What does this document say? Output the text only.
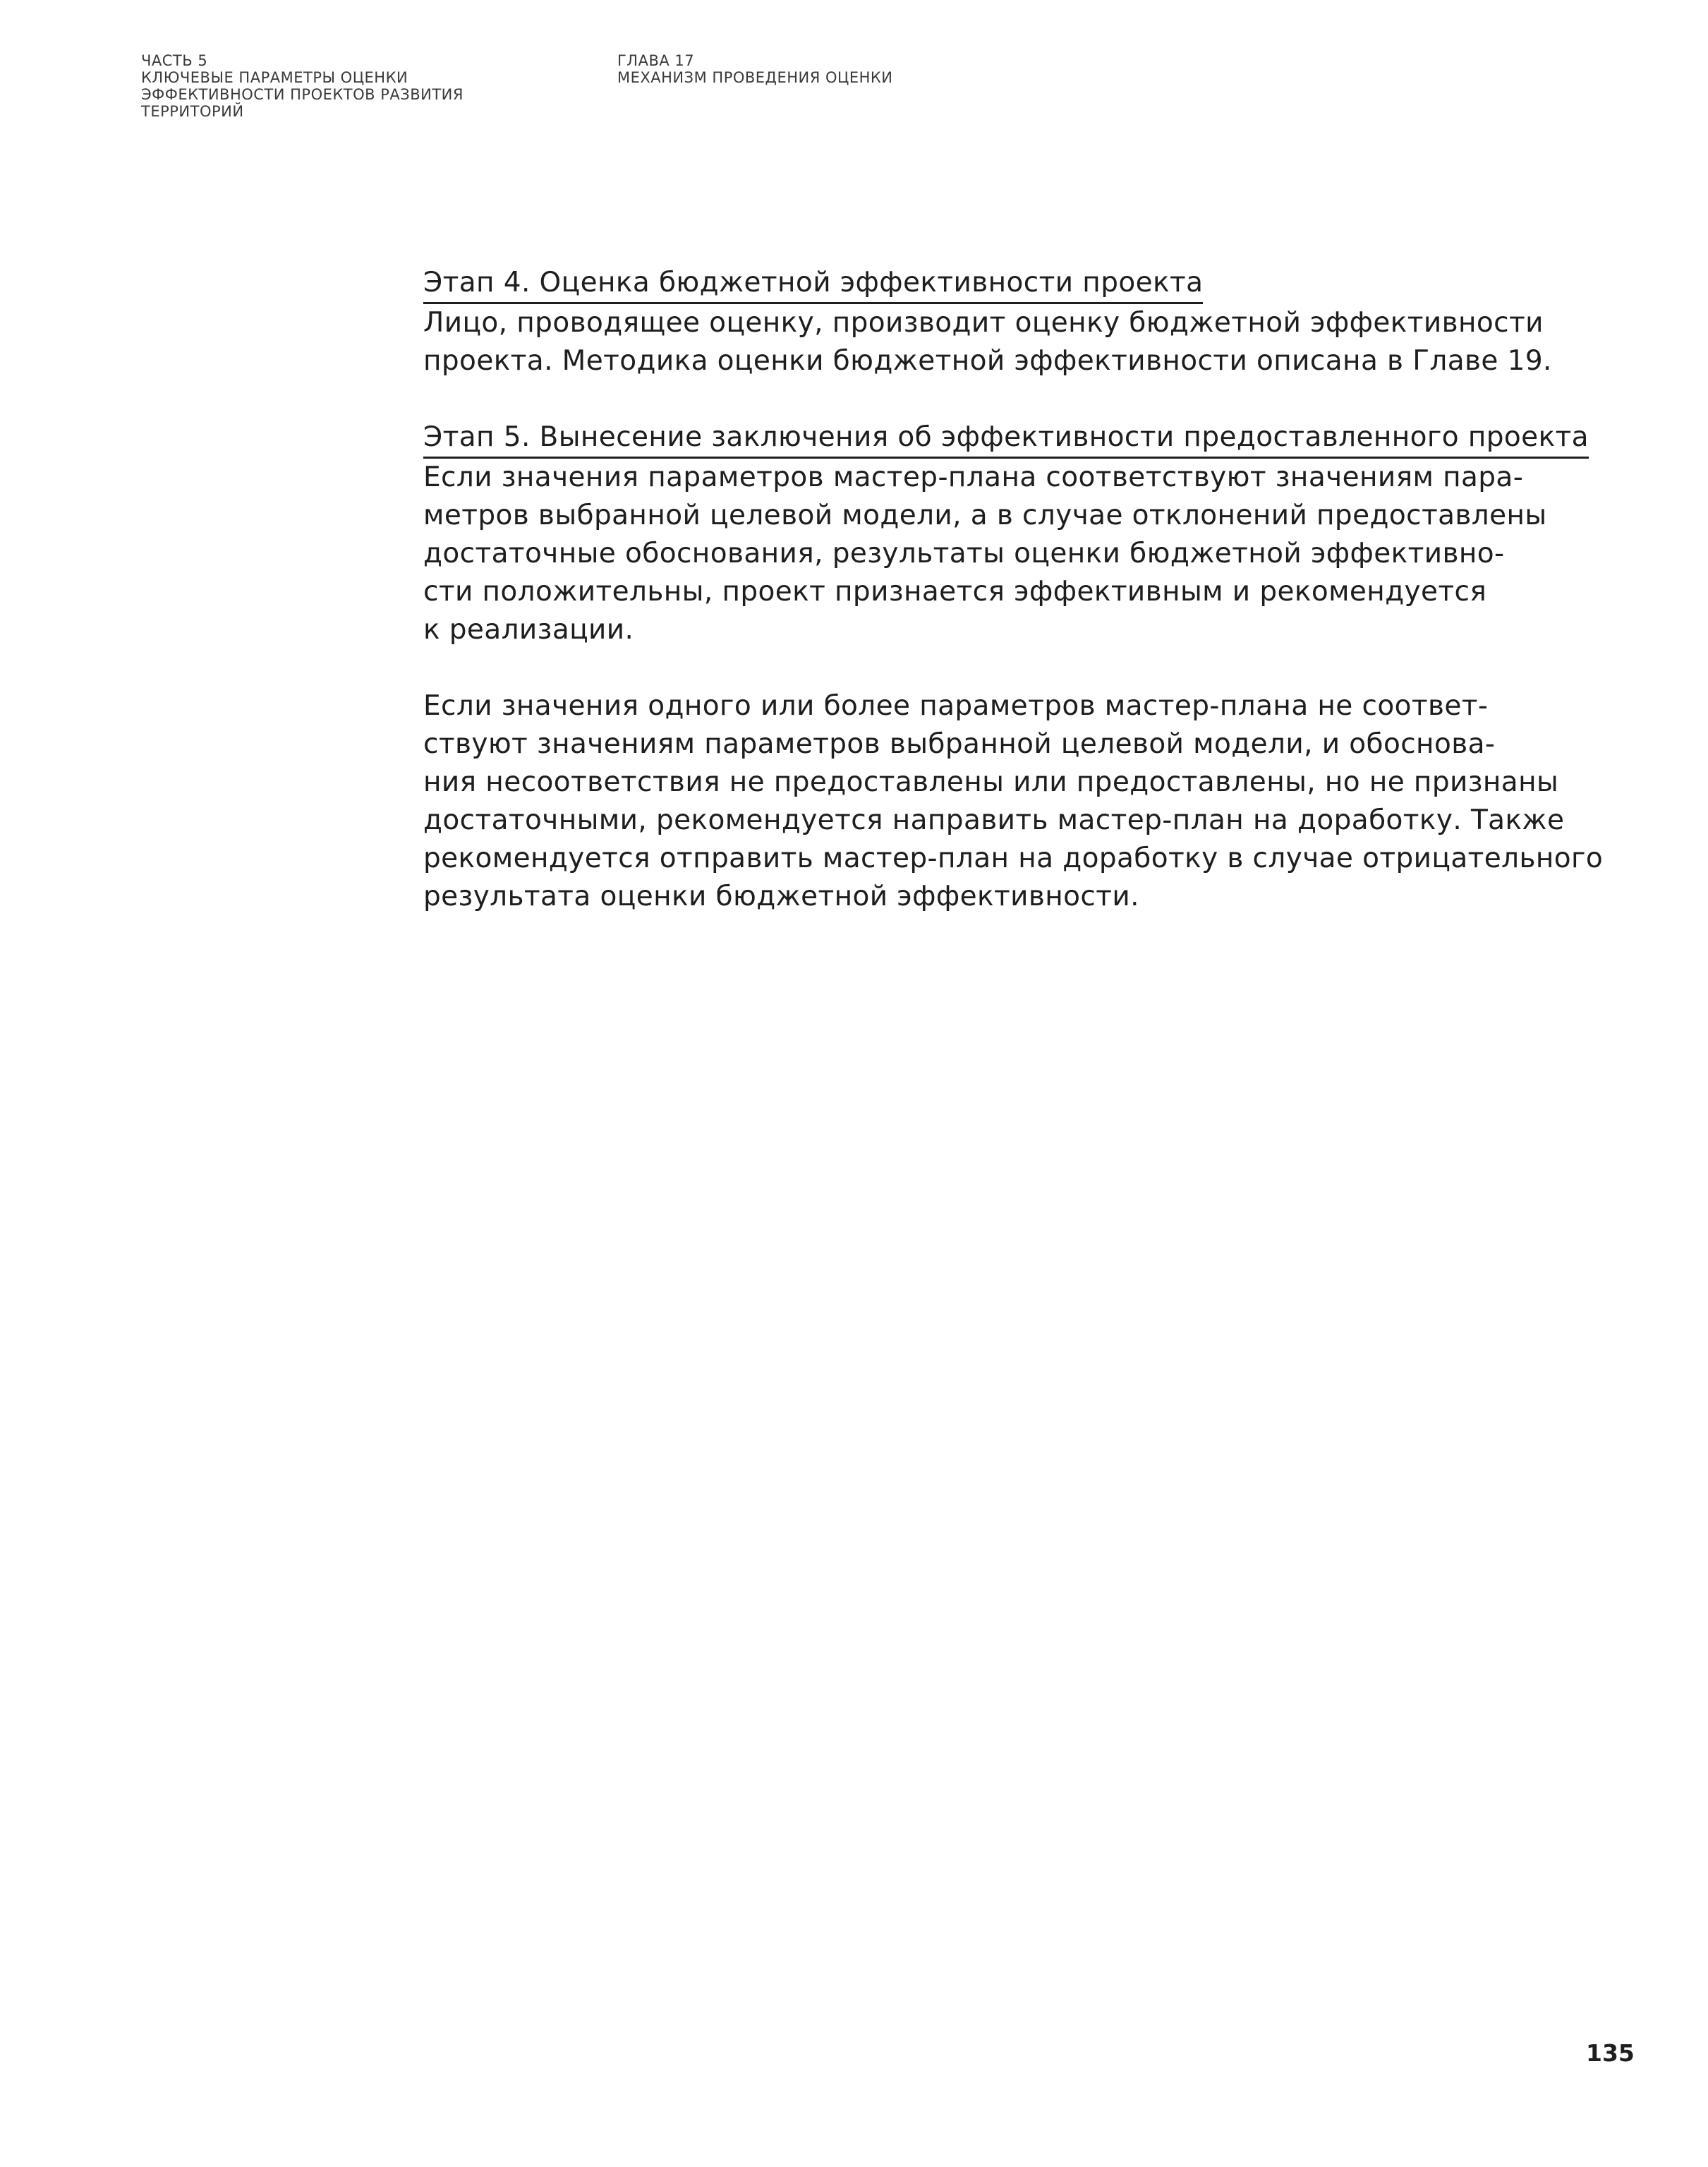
ЧАСТЬ 5
КЛЮЧЕВЫЕ ПАРАМЕТРЫ ОЦЕНКИ
ЭФФЕКТИВНОСТИ ПРОЕКТОВ РАЗВИТИЯ
ТЕРРИТОРИЙ
ГЛАВА 17
МЕХАНИЗМ ПРОВЕДЕНИЯ ОЦЕНКИ
Этап 4. Оценка бюджетной эффективности проекта

Лицо, проводящее оценку, производит оценку бюджетной эффективности
проекта. Методика оценки бюджетной эффективности описана в Главе 19.

Этап 5. Вынесение заключения об эффективности предоставленного проекта

Если значения параметров мастер-плана соответствуют значениям пара-
метров выбранной целевой модели, а в случае отклонений предоставлены
достаточные обоснования, результаты оценки бюджетной эффективно-
сти положительны, проект признается эффективным и рекомендуется
к реализации.

Если значения одного или более параметров мастер-плана не соответ-
ствуют значениям параметров выбранной целевой модели, и обоснова-
ния несоответствия не предоставлены или предоставлены, но не признаны
достаточными, рекомендуется направить мастер-план на доработку. Также
рекомендуется отправить мастер-план на доработку в случае отрицательного
результата оценки бюджетной эффективности.

135
